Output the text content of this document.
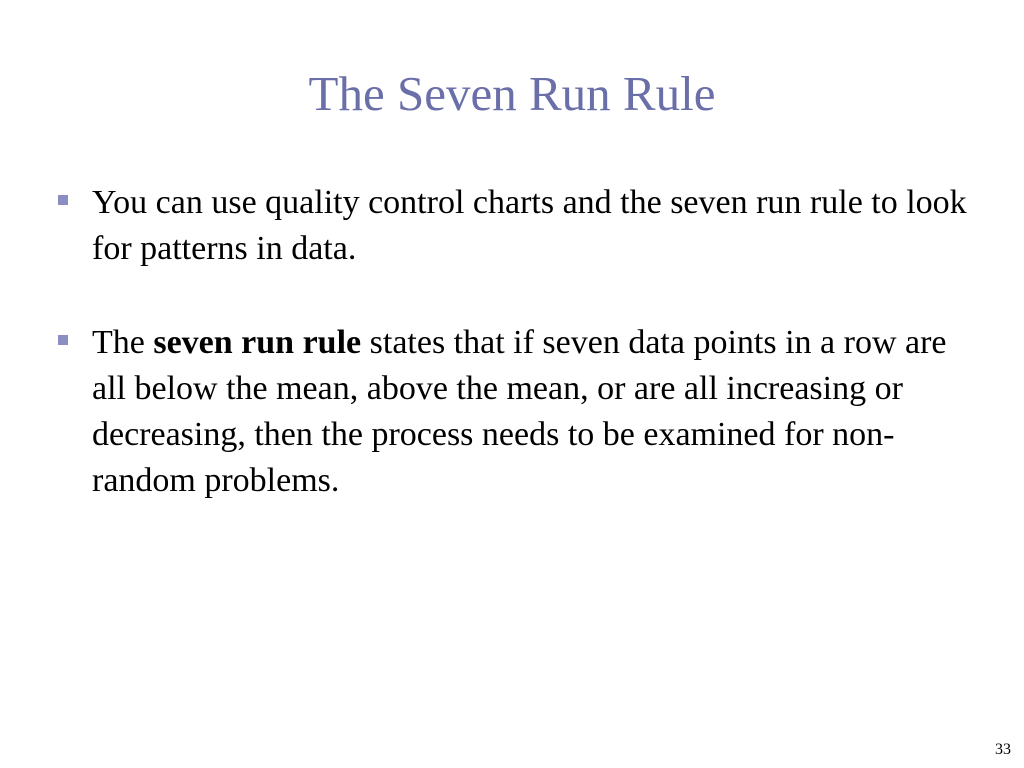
The Seven Run Rule
You can use quality control charts and the seven run rule to look for patterns in data.
The seven run rule states that if seven data points in a row are all below the mean, above the mean, or are all increasing or decreasing, then the process needs to be examined for non-random problems.
33
